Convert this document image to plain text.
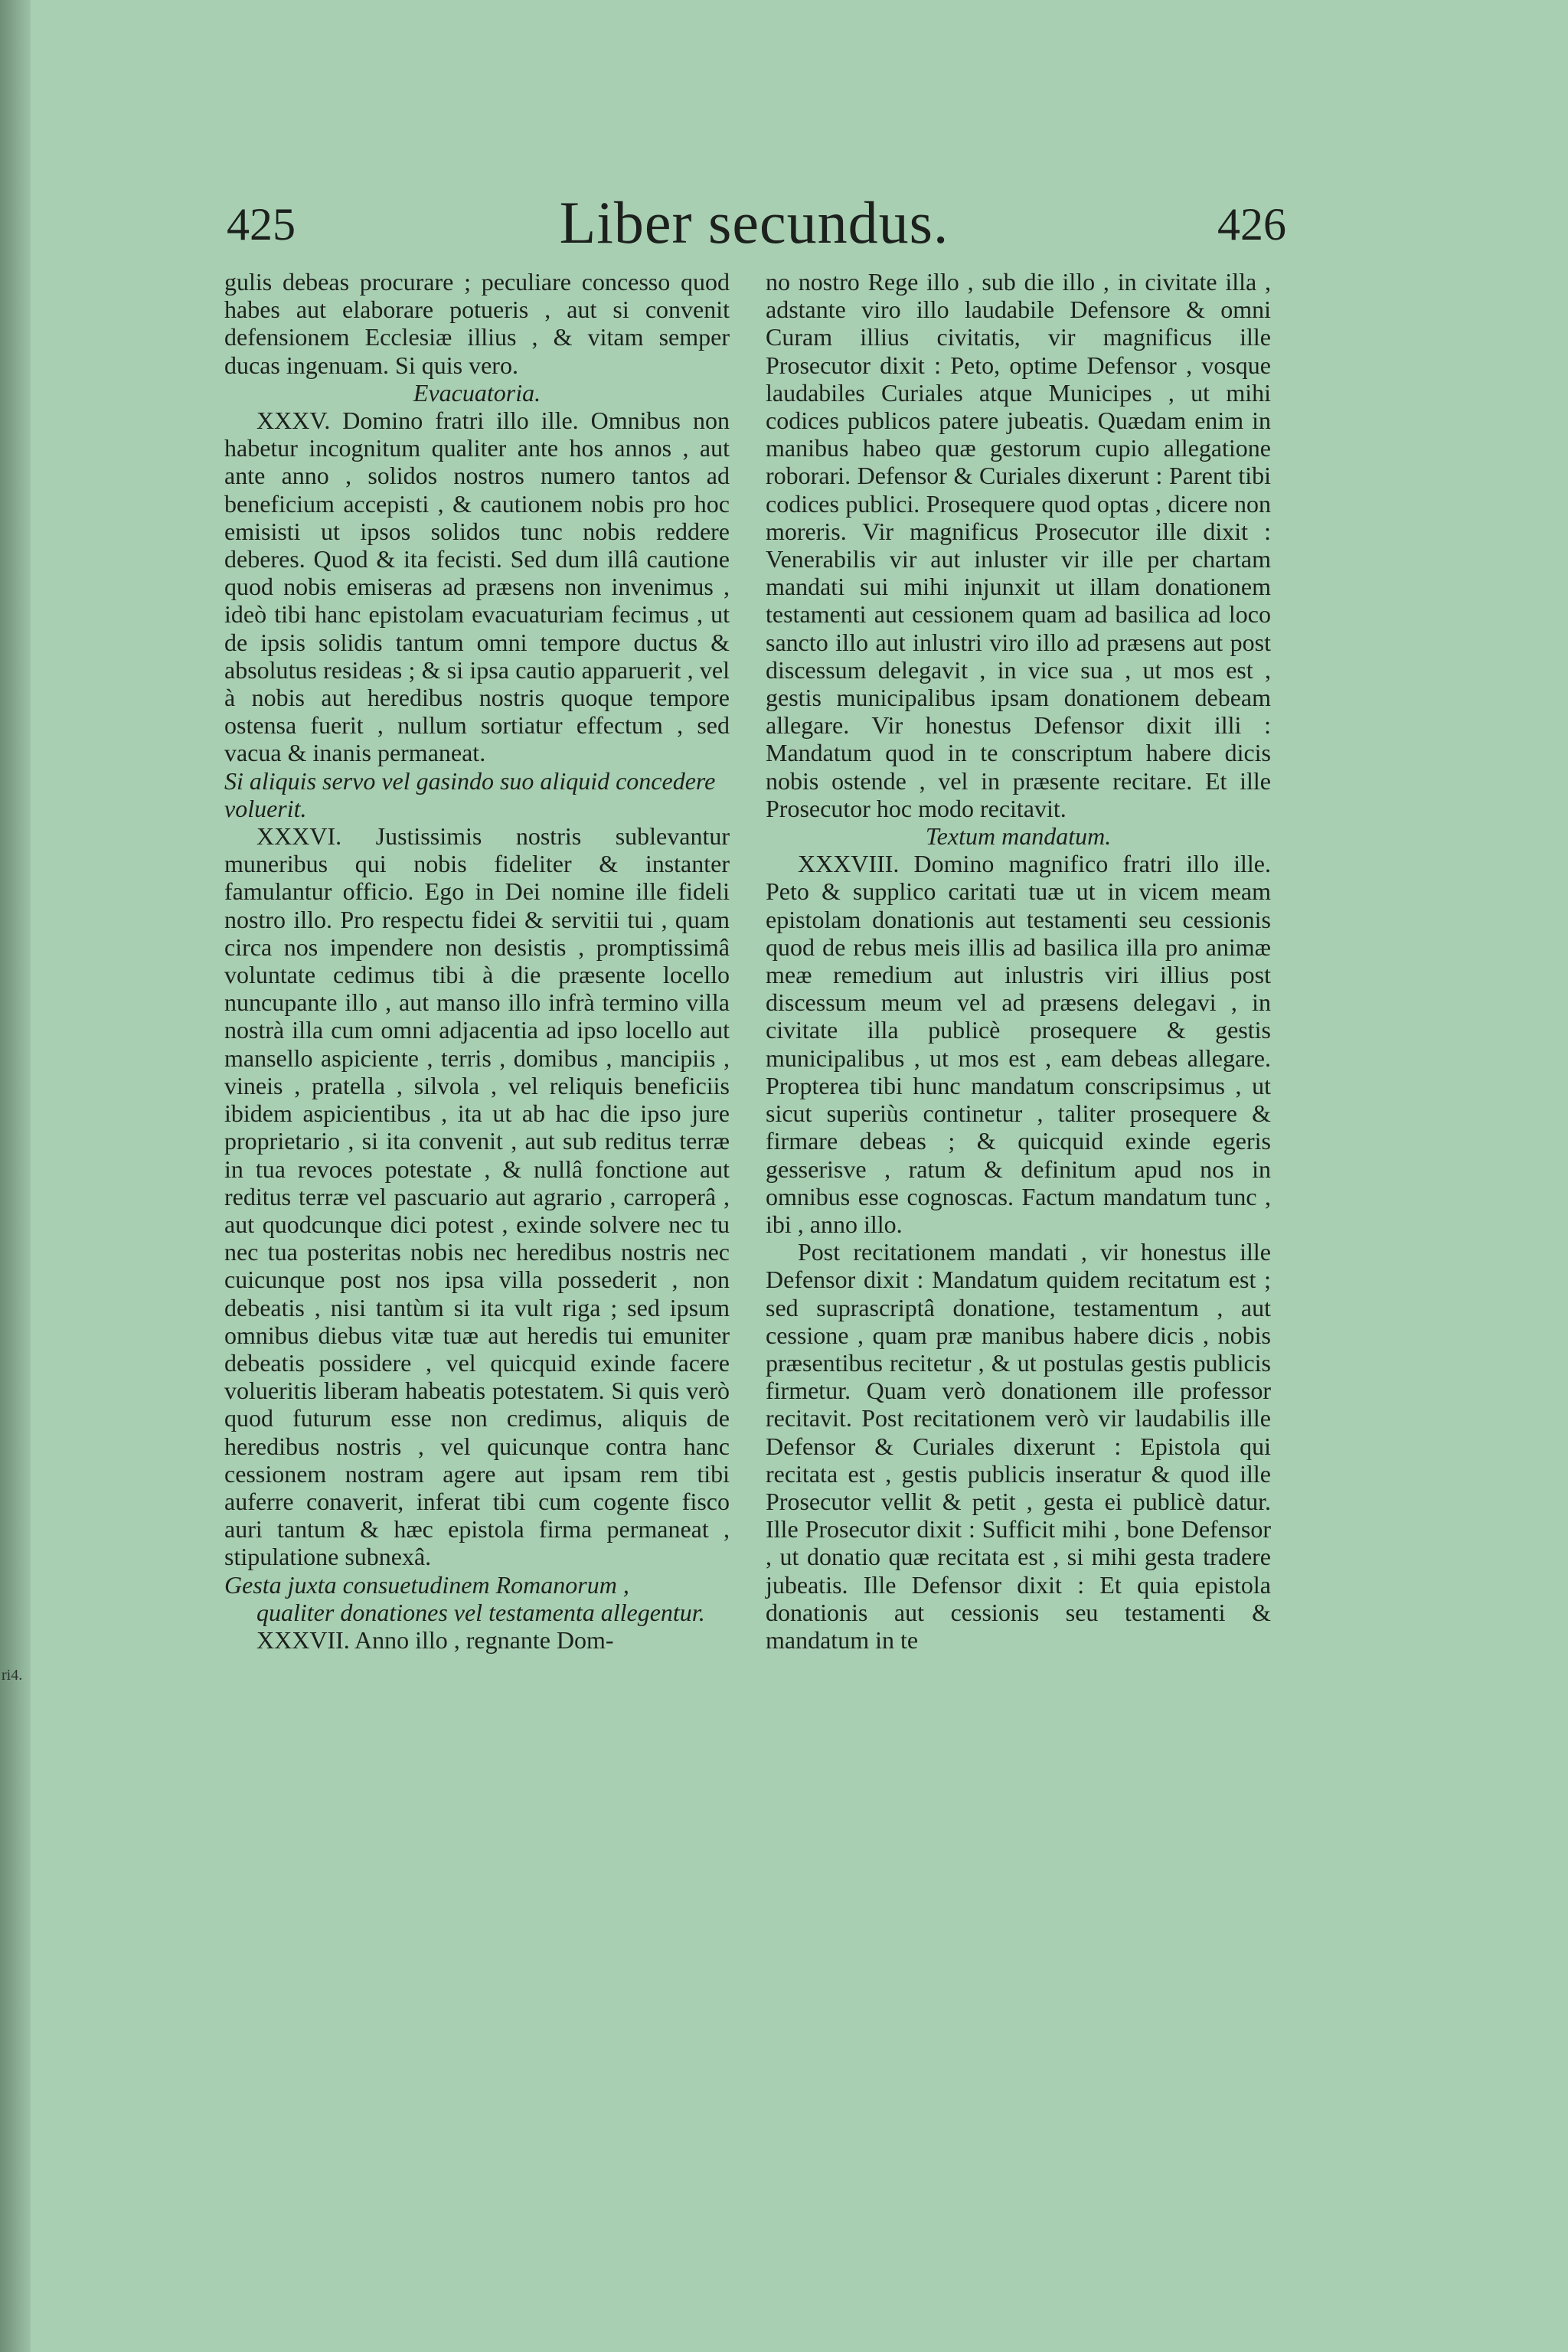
ri4.
425	Liber secundus.	426

gulis debeas procurare ; peculiare concesso quod habes aut elaborare potueris , aut si convenit defensionem Ecclesiæ illius , & vitam semper ducas ingenuam. Si quis vero.

Evacuatoria.

XXXV. Domino fratri illo ille. Omnibus non habetur incognitum qualiter ante hos annos , aut ante anno , solidos nostros numero tantos ad beneficium accepisti , & cautionem nobis pro hoc emisisti ut ipsos solidos tunc nobis reddere deberes. Quod & ita fecisti. Sed dum illâ cautione quod nobis emiseras ad præsens non invenimus , ideò tibi hanc epistolam evacuaturiam fecimus , ut de ipsis solidis tantum omni tempore ductus & absolutus resideas ; & si ipsa cautio apparuerit , vel à nobis aut heredibus nostris quoque tempore ostensa fuerit , nullum sortiatur effectum , sed vacua & inanis permaneat.

Si aliquis servo vel gasindo suo aliquid concedere voluerit.

XXXVI. Justissimis nostris sublevantur muneribus qui nobis fideliter & instanter famulantur officio. Ego in Dei nomine ille fideli nostro illo. Pro respectu fidei & servitii tui , quam circa nos impendere non desistis , promptissimâ voluntate cedimus tibi à die præsente locello nuncupante illo , aut manso illo infrà termino villa nostrà illa cum omni adjacentia ad ipso locello aut mansello aspiciente , terris , domibus , mancipiis , vineis , pratella , silvola , vel reliquis beneficiis ibidem aspicientibus , ita ut ab hac die ipso jure proprietario , si ita convenit , aut sub reditus terræ in tua revoces potestate , & nullâ fonctione aut reditus terræ vel pascuario aut agrario , carroperâ , aut quodcunque dici potest , exinde solvere nec tu nec tua posteritas nobis nec heredibus nostris nec cuicunque post nos ipsa villa possederit , non debeatis , nisi tantùm si ita vult riga ; sed ipsum omnibus diebus vitæ tuæ aut heredis tui emuniter debeatis possidere , vel quicquid exinde facere volueritis liberam habeatis potestatem. Si quis verò quod futurum esse non credimus, aliquis de heredibus nostris , vel quicunque contra hanc cessionem nostram agere aut ipsam rem tibi auferre conaverit, inferat tibi cum cogente fisco auri tantum & hæc epistola firma permaneat , stipulatione subnexâ.

Gesta juxta consuetudinem Romanorum ,
qualiter donationes vel testamenta allegentur.

XXXVII. Anno illo , regnante Dom-

no nostro Rege illo , sub die illo , in civitate illa , adstante viro illo laudabile Defensore & omni Curam illius civitatis, vir magnificus ille Prosecutor dixit : Peto, optime Defensor , vosque laudabiles Curiales atque Municipes , ut mihi codices publicos patere jubeatis. Quædam enim in manibus habeo quæ gestorum cupio allegatione roborari. Defensor & Curiales dixerunt : Parent tibi codices publici. Prosequere quod optas , dicere non moreris. Vir magnificus Prosecutor ille dixit : Venerabilis vir aut inluster vir ille per chartam mandati sui mihi injunxit ut illam donationem testamenti aut cessionem quam ad basilica ad loco sancto illo aut inlustri viro illo ad præsens aut post discessum delegavit , in vice sua , ut mos est , gestis municipalibus ipsam donationem debeam allegare. Vir honestus Defensor dixit illi : Mandatum quod in te conscriptum habere dicis nobis ostende , vel in præsente recitare. Et ille Prosecutor hoc modo recitavit.

Textum mandatum.

XXXVIII. Domino magnifico fratri illo ille. Peto & supplico caritati tuæ ut in vicem meam epistolam donationis aut testamenti seu cessionis quod de rebus meis illis ad basilica illa pro animæ meæ remedium aut inlustris viri illius post discessum meum vel ad præsens delegavi , in civitate illa publicè prosequere & gestis municipalibus , ut mos est , eam debeas allegare. Propterea tibi hunc mandatum conscripsimus , ut sicut superiùs continetur , taliter prosequere & firmare debeas ; & quicquid exinde egeris gesserisve , ratum & definitum apud nos in omnibus esse cognoscas. Factum mandatum tunc , ibi , anno illo.

Post recitationem mandati , vir honestus ille Defensor dixit : Mandatum quidem recitatum est ; sed suprascriptâ donatione, testamentum , aut cessione , quam præ manibus habere dicis , nobis præsentibus recitetur , & ut postulas gestis publicis firmetur. Quam verò donationem ille professor recitavit. Post recitationem verò vir laudabilis ille Defensor & Curiales dixerunt : Epistola qui recitata est , gestis publicis inseratur & quod ille Prosecutor vellit & petit , gesta ei publicè datur. Ille Prosecutor dixit : Sufficit mihi , bone Defensor , ut donatio quæ recitata est , si mihi gesta tradere jubeatis. Ille Defensor dixit : Et quia epistola donationis aut cessionis seu testamenti & mandatum in te
